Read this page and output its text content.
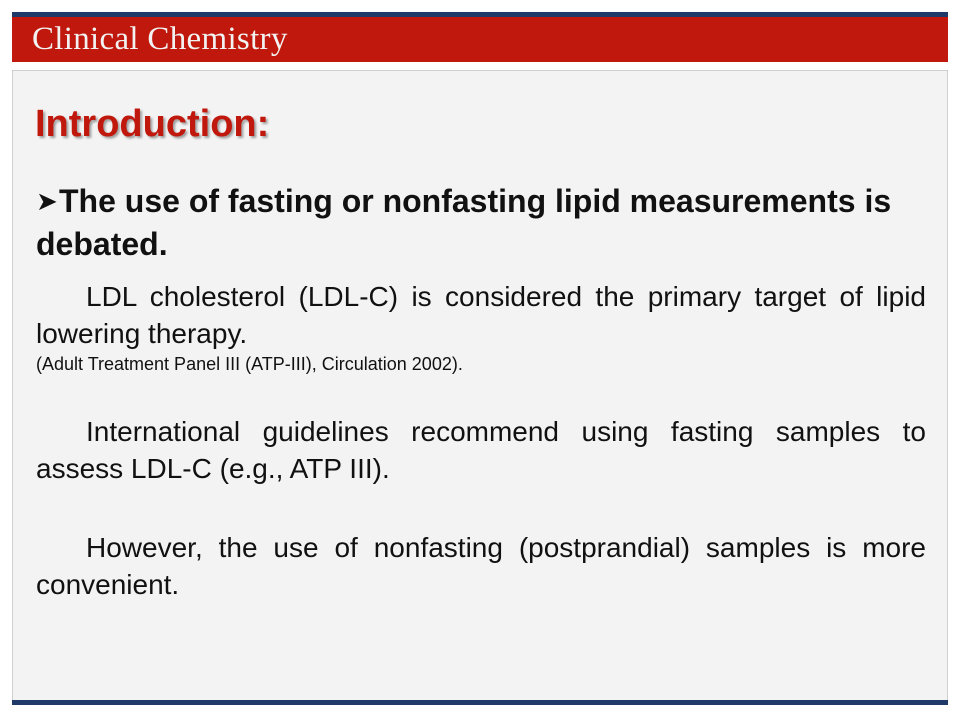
Clinical Chemistry
Introduction:
➤The use of fasting or nonfasting lipid measurements is debated.
LDL cholesterol (LDL-C) is considered the primary target of lipid lowering therapy.
(Adult Treatment Panel III (ATP-III), Circulation 2002).
International guidelines recommend using fasting samples to assess LDL-C (e.g., ATP III).
However, the use of nonfasting (postprandial) samples is more convenient.
